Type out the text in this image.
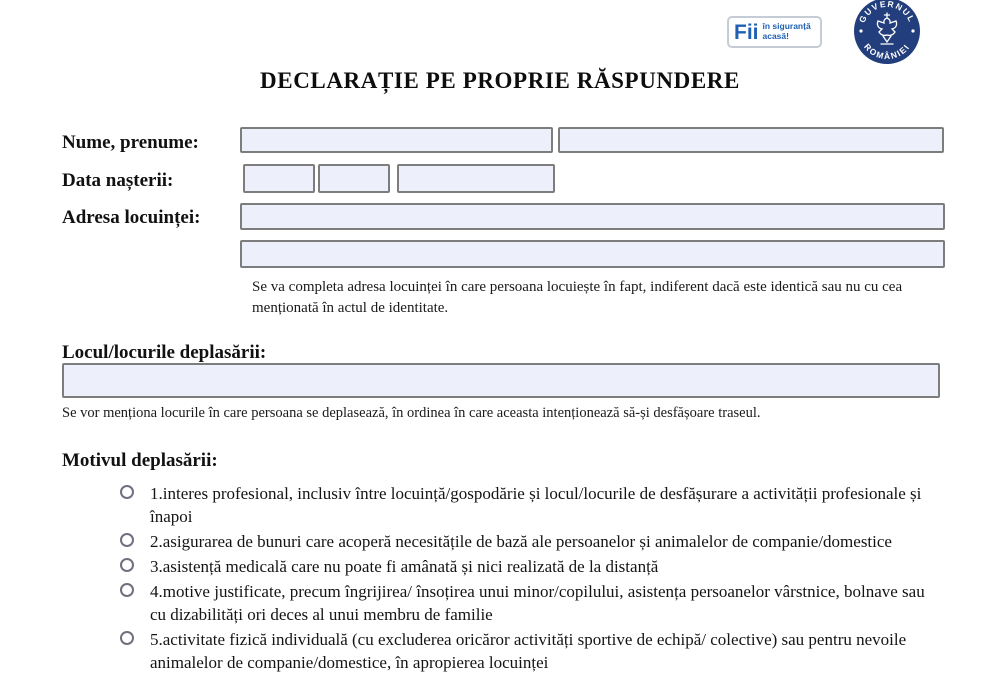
Fii în siguranță
acasă!
GUVERNUL
ROMÂNIEI
DECLARAȚIE PE PROPRIE RĂSPUNDERE
Nume, prenume:
Data nașterii:
Adresa locuinței:
Se va completa adresa locuinței în care persoana locuiește în fapt, indiferent dacă este identică sau nu cu cea menționată în actul de identitate.
Locul/locurile deplasării:
Se vor menționa locurile în care persoana se deplasează, în ordinea în care aceasta intenționează să-și desfășoare traseul.
Motivul deplasării:
1.interes profesional, inclusiv între locuință/gospodărie și locul/locurile de desfășurare a activității profesionale și înapoi
2.asigurarea de bunuri care acoperă necesitățile de bază ale persoanelor și animalelor de companie/domestice
3.asistență medicală care nu poate fi amânată și nici realizată de la distanță
4.motive justificate, precum îngrijirea/ însoțirea unui minor/copilului, asistența persoanelor vârstnice, bolnave sau cu dizabilități ori deces al unui membru de familie
5.activitate fizică individuală (cu excluderea oricăror activități sportive de echipă/ colective) sau pentru nevoile animalelor de companie/domestice, în apropierea locuinței
